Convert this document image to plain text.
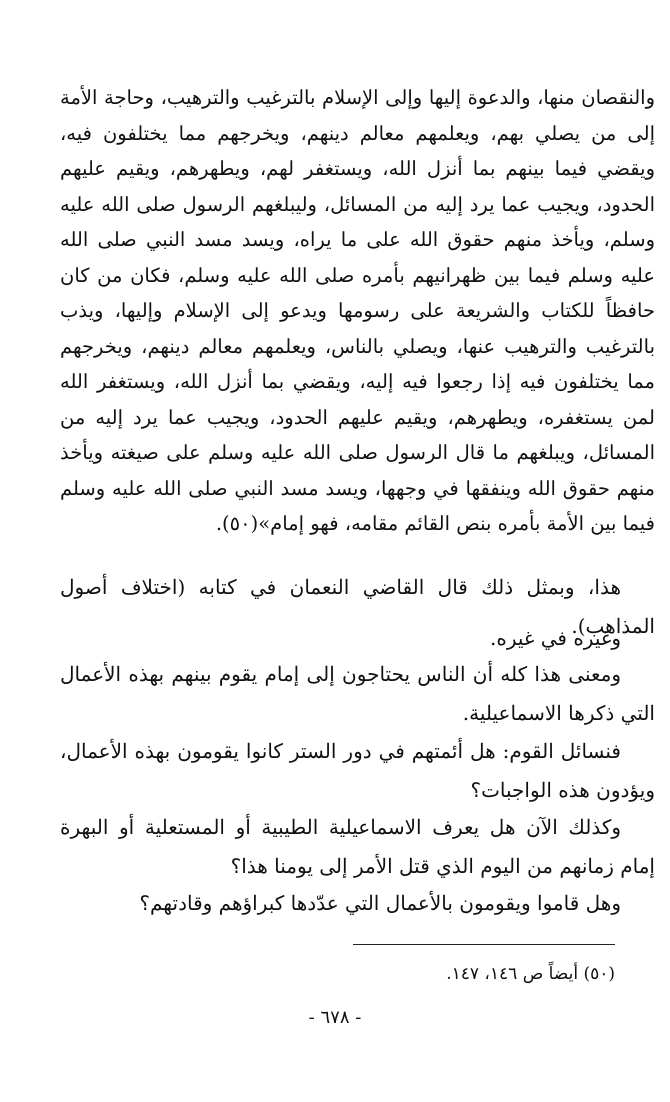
والنقصان منها، والدعوة إليها وإلى الإسلام بالترغيب والترهيب، وحاجة الأمة إلى من يصلي بهم، ويعلمهم معالم دينهم، ويخرجهم مما يختلفون فيه، ويقضي فيما بينهم بما أنزل الله، ويستغفر لهم، ويطهرهم، ويقيم عليهم الحدود، ويجيب عما يرد إليه من المسائل، وليبلغهم الرسول صلى الله عليه وسلم، ويأخذ منهم حقوق الله على ما يراه، ويسد مسد النبي صلى الله عليه وسلم فيما بين ظهرانيهم بأمره صلى الله عليه وسلم، فكان من كان حافظاً للكتاب والشريعة على رسومها ويدعو إلى الإسلام وإليها، ويذب بالترغيب والترهيب عنها، ويصلي بالناس، ويعلمهم معالم دينهم، ويخرجهم مما يختلفون فيه إذا رجعوا فيه إليه، ويقضي بما أنزل الله، ويستغفر الله لمن يستغفره، ويطهرهم، ويقيم عليهم الحدود، ويجيب عما يرد إليه من المسائل، ويبلغهم ما قال الرسول صلى الله عليه وسلم على صيغته ويأخذ منهم حقوق الله وينفقها في وجهها، ويسد مسد النبي صلى الله عليه وسلم فيما بين الأمة بأمره بنص القائم مقامه، فهو إمام»(٥٠).
هذا، وبمثل ذلك قال القاضي النعمان في كتابه (اختلاف أصول المذاهب).
وغيره في غيره.
ومعنى هذا كله أن الناس يحتاجون إلى إمام يقوم بينهم بهذه الأعمال التي ذكرها الاسماعيلية.
فنسائل القوم: هل أئمتهم في دور الستر كانوا يقومون بهذه الأعمال، ويؤدون هذه الواجبات؟
وكذلك الآن هل يعرف الاسماعيلية الطيبية أو المستعلية أو البهرة إمام زمانهم من اليوم الذي قتل الأمر إلى يومنا هذا؟
وهل قاموا ويقومون بالأعمال التي عدّدها كبراؤهم وقادتهم؟
(٥٠) أيضاً ص ١٤٦، ١٤٧.
- ٦٧٨ -
